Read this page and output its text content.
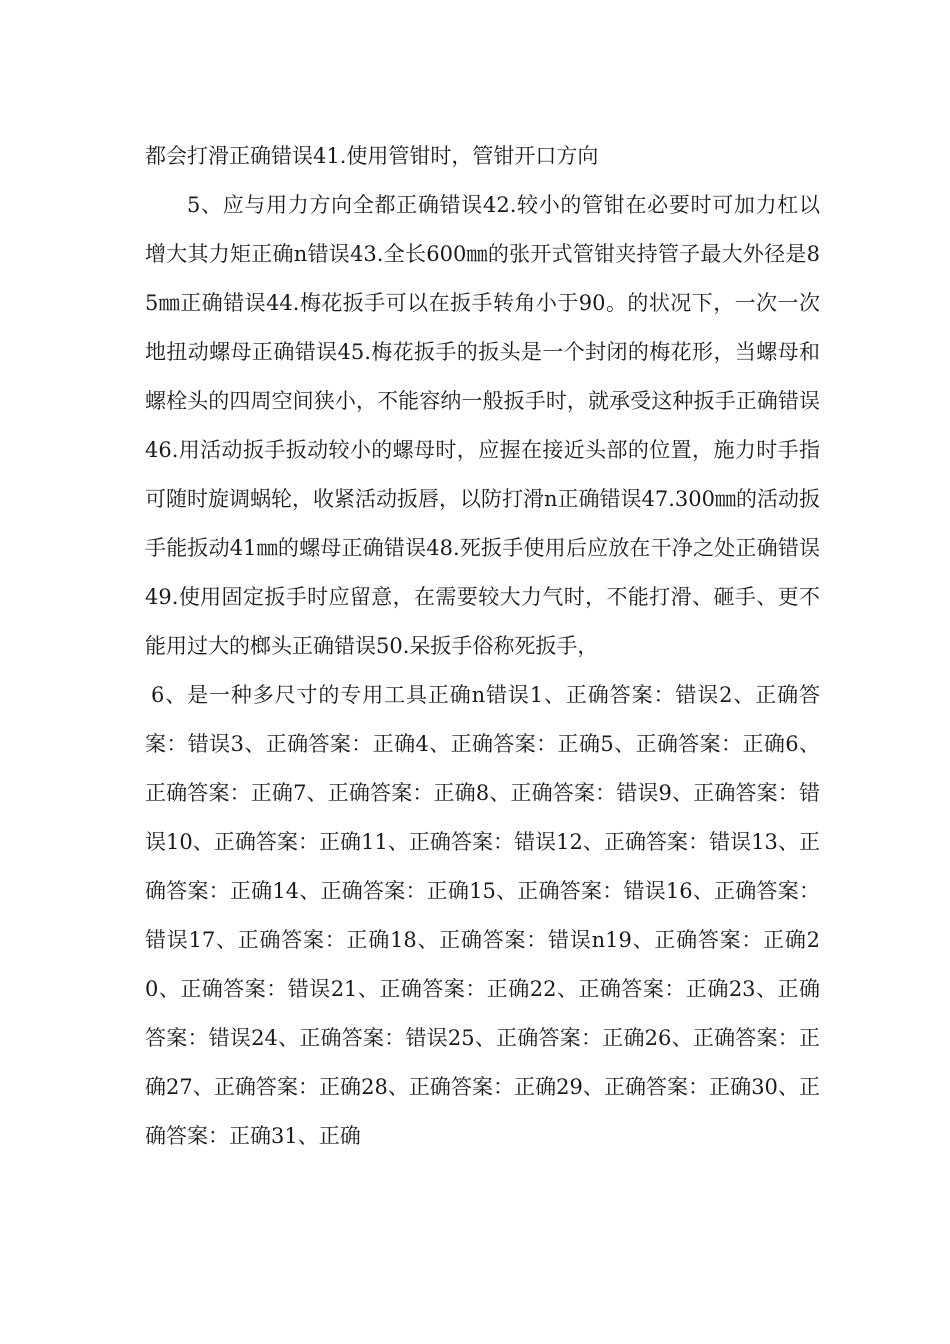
都会打滑正确错误41.使用管钳时，管钳开口方向

5、应与用力方向全都正确错误42.较小的管钳在必要时可加力杠以增大其力矩正确n错误43.全长600㎜的张开式管钳夹持管子最大外径是85㎜正确错误44.梅花扳手可以在扳手转角小于90。的状况下，一次一次地扭动螺母正确错误45.梅花扳手的扳头是一个封闭的梅花形，当螺母和螺栓头的四周空间狭小，不能容纳一般扳手时，就承受这种扳手正确错误46.用活动扳手扳动较小的螺母时，应握在接近头部的位置，施力时手指可随时旋调蜗轮，收紧活动扳唇，以防打滑n正确错误47.300㎜的活动扳手能扳动41㎜的螺母正确错误48.死扳手使用后应放在干净之处正确错误49.使用固定扳手时应留意，在需要较大力气时，不能打滑、砸手、更不能用过大的榔头正确错误50.呆扳手俗称死扳手，

6、是一种多尺寸的专用工具正确n错误1、正确答案：错误2、正确答案：错误3、正确答案：正确4、正确答案：正确5、正确答案：正确6、正确答案：正确7、正确答案：正确8、正确答案：错误9、正确答案：错误10、正确答案：正确11、正确答案：错误12、正确答案：错误13、正确答案：正确14、正确答案：正确15、正确答案：错误16、正确答案：错误17、正确答案：正确18、正确答案：错误n19、正确答案：正确20、正确答案：错误21、正确答案：正确22、正确答案：正确23、正确答案：错误24、正确答案：错误25、正确答案：正确26、正确答案：正确27、正确答案：正确28、正确答案：正确29、正确答案：正确30、正确答案：正确31、正确
